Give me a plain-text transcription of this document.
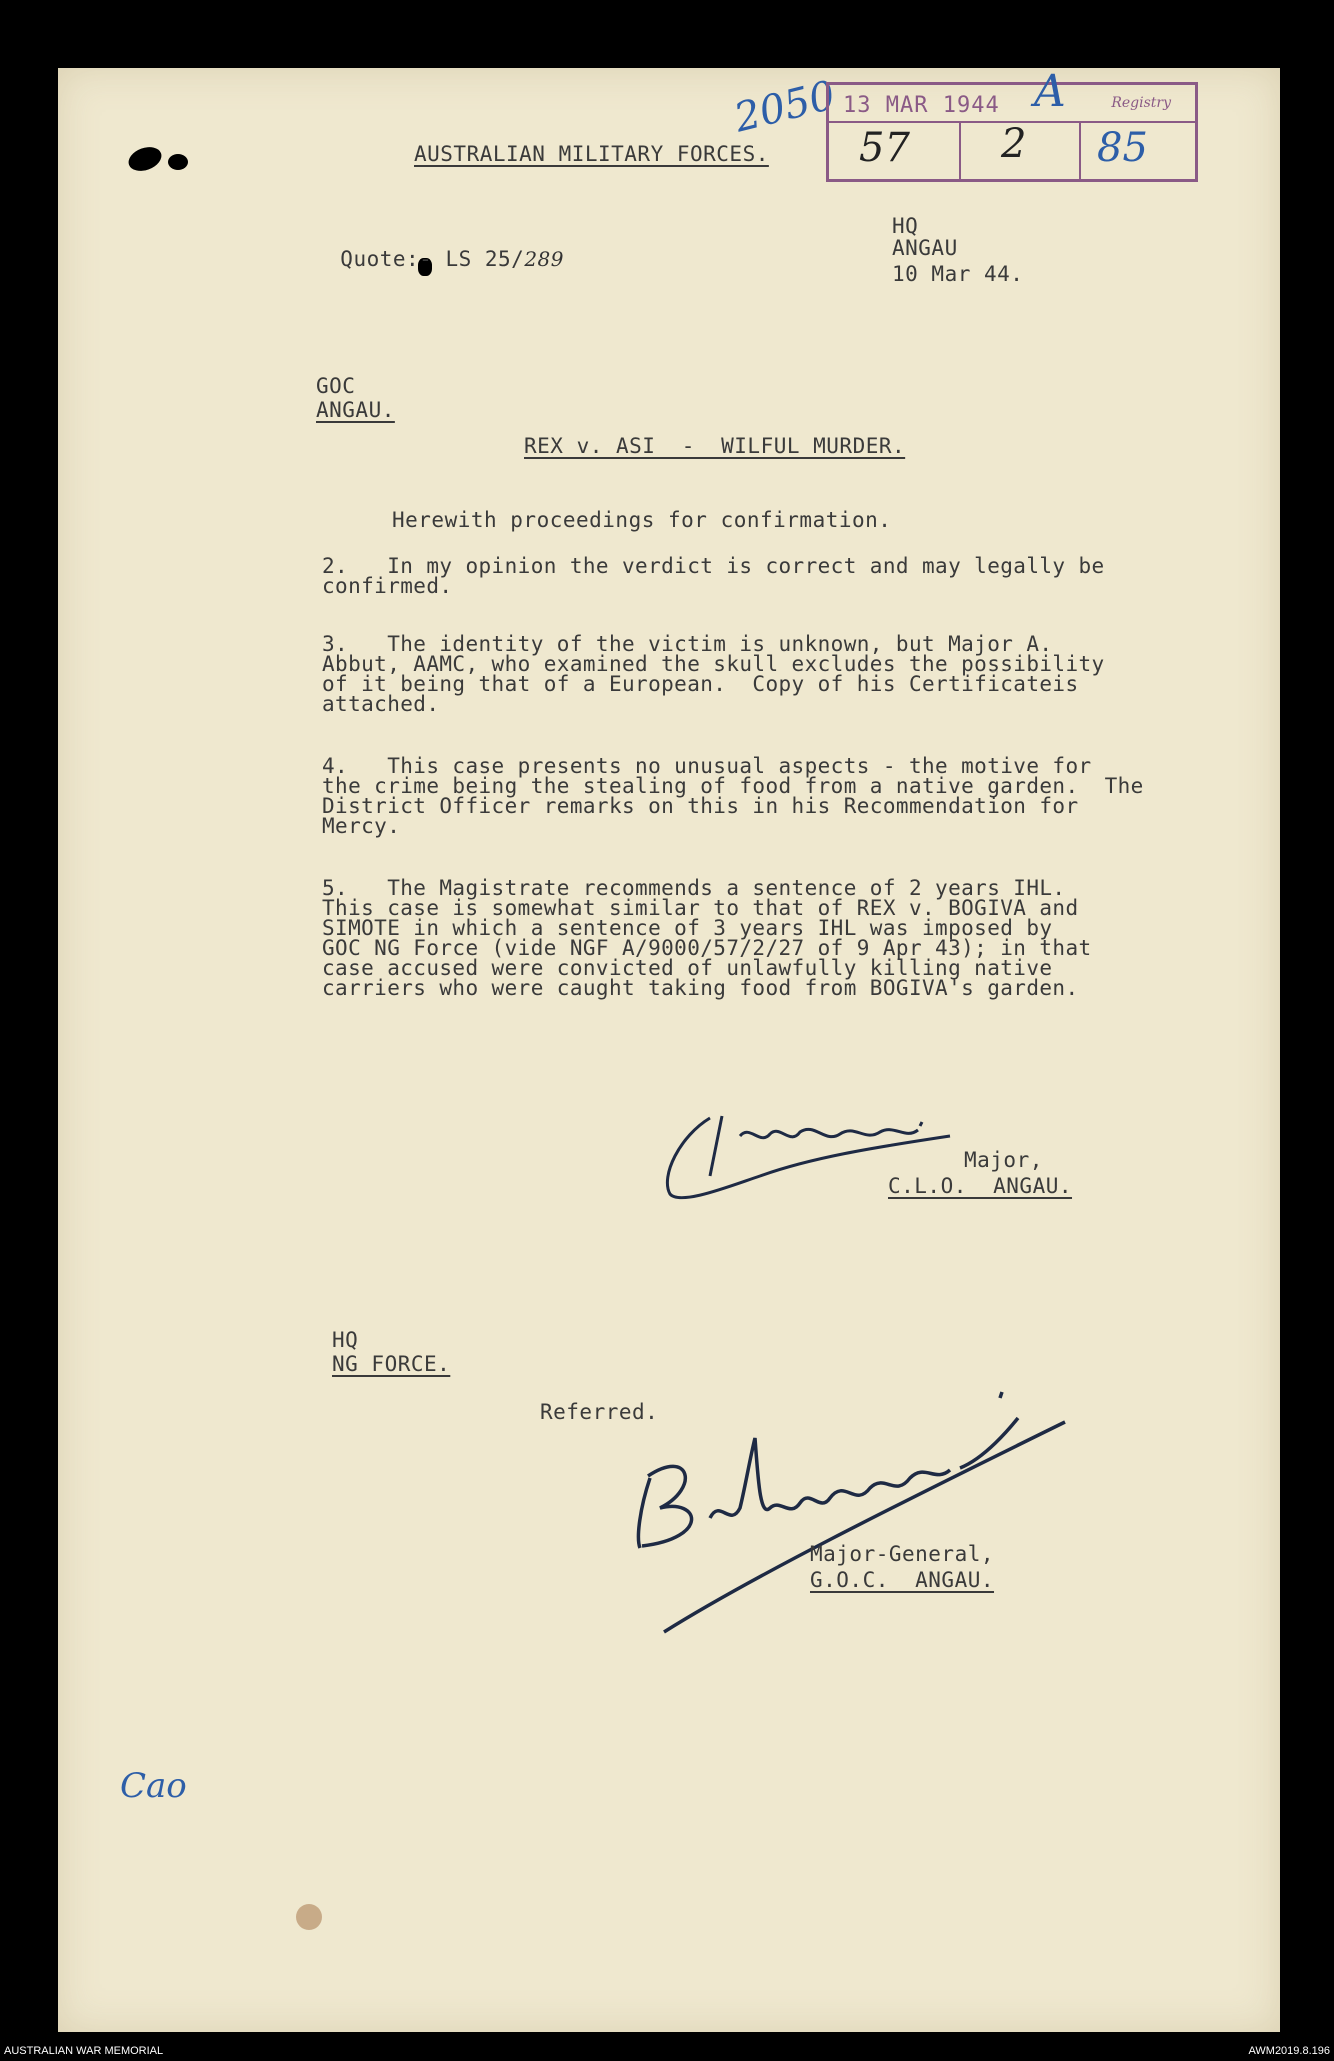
AUSTRALIAN MILITARY FORCES.

Quote:- LS 25/289

HQ
ANGAU
10 Mar 44.
2050 13 MAR 1944	Registry
57 2 85
A
GOC
ANGAU.
REX v. ASI  -  WILFUL MURDER.
Herewith proceedings for confirmation.
2.   In my opinion the verdict is correct and may legally be
confirmed.
3.   The identity of the victim is unknown, but Major A.
Abbut, AAMC, who examined the skull excludes the possibility
of it being that of a European.  Copy of his Certificateis
attached.
4.   This case presents no unusual aspects - the motive for
the crime being the stealing of food from a native garden.  The
District Officer remarks on this in his Recommendation for
Mercy.
5.   The Magistrate recommends a sentence of 2 years IHL.
This case is somewhat similar to that of REX v. BOGIVA and
SIMOTE in which a sentence of 3 years IHL was imposed by
GOC NG Force (vide NGF A/9000/57/2/27 of 9 Apr 43); in that
case accused were convicted of unlawfully killing native
carriers who were caught taking food from BOGIVA's garden.
Major,
C.L.O.  ANGAU.
HQ
NG FORCE.
Referred.
Major-General,
G.O.C.  ANGAU.
Cao
AUSTRALIAN WAR MEMORIAL	AWM2019.8.196
